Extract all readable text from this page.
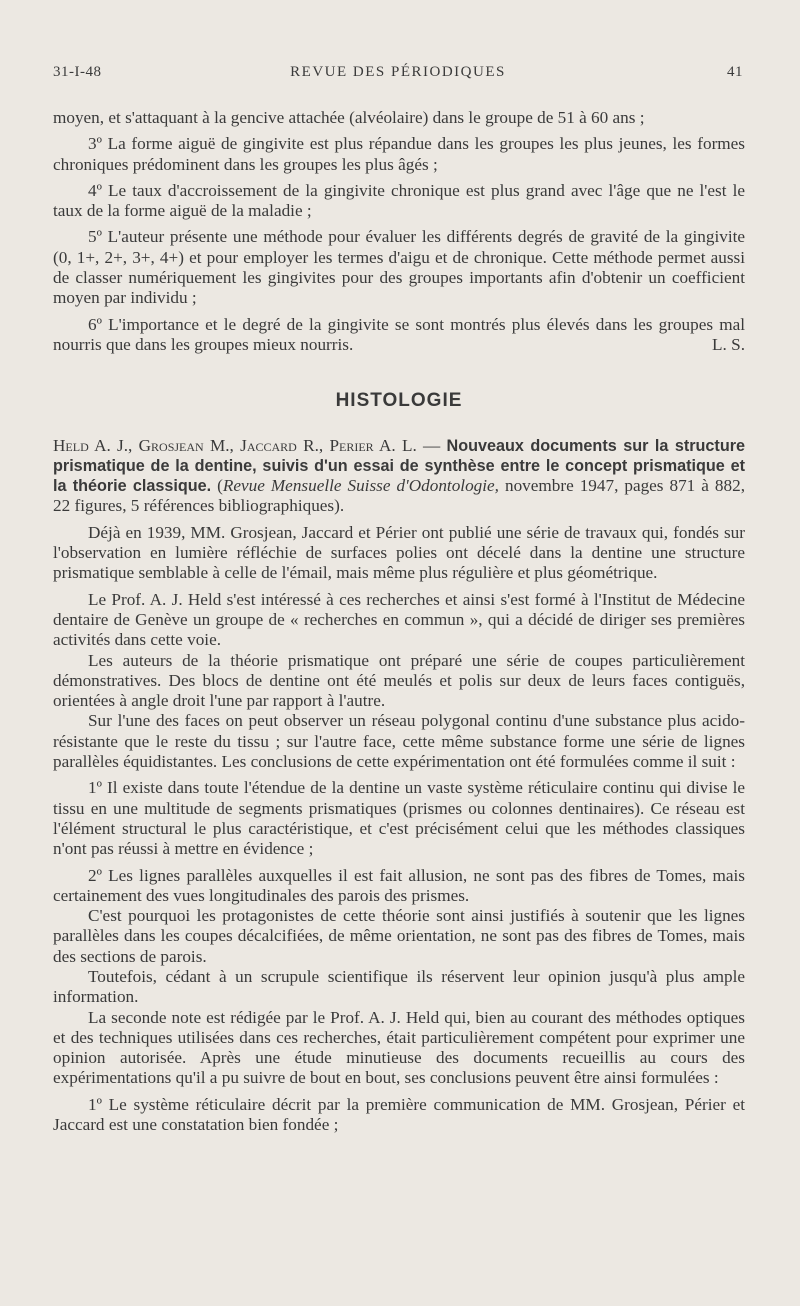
31-I-48	REVUE DES PÉRIODIQUES	41

moyen, et s'attaquant à la gencive attachée (alvéolaire) dans le groupe de 51 à 60 ans ;

3º La forme aiguë de gingivite est plus répandue dans les groupes les plus jeunes, les formes chroniques prédominent dans les groupes les plus âgés ;

4º Le taux d'accroissement de la gingivite chronique est plus grand avec l'âge que ne l'est le taux de la forme aiguë de la maladie ;

5º L'auteur présente une méthode pour évaluer les différents degrés de gravité de la gingivite (0, 1+, 2+, 3+, 4+) et pour employer les termes d'aigu et de chronique. Cette méthode permet aussi de classer numériquement les gingivites pour des groupes importants afin d'obtenir un coefficient moyen par individu ;

6º L'importance et le degré de la gingivite se sont montrés plus élevés dans les groupes mal nourris que dans les groupes mieux nourris.	L. S.

HISTOLOGIE

Held A. J., Grosjean M., Jaccard R., Perier A. L. — Nouveaux documents sur la structure prismatique de la dentine, suivis d'un essai de synthèse entre le concept prismatique et la théorie classique. (Revue Mensuelle Suisse d'Odontologie, novembre 1947, pages 871 à 882, 22 figures, 5 références bibliographiques).

Déjà en 1939, MM. Grosjean, Jaccard et Périer ont publié une série de travaux qui, fondés sur l'observation en lumière réfléchie de surfaces polies ont décelé dans la dentine une structure prismatique semblable à celle de l'émail, mais même plus régulière et plus géométrique.

Le Prof. A. J. Held s'est intéressé à ces recherches et ainsi s'est formé à l'Institut de Médecine dentaire de Genève un groupe de « recherches en commun », qui a décidé de diriger ses premières activités dans cette voie.

Les auteurs de la théorie prismatique ont préparé une série de coupes particulièrement démonstratives. Des blocs de dentine ont été meulés et polis sur deux de leurs faces contiguës, orientées à angle droit l'une par rapport à l'autre.

Sur l'une des faces on peut observer un réseau polygonal continu d'une substance plus acido-résistante que le reste du tissu ; sur l'autre face, cette même substance forme une série de lignes parallèles équidistantes. Les conclusions de cette expérimentation ont été formulées comme il suit :

1º Il existe dans toute l'étendue de la dentine un vaste système réticulaire continu qui divise le tissu en une multitude de segments prismatiques (prismes ou colonnes dentinaires). Ce réseau est l'élément structural le plus caractéristique, et c'est précisément celui que les méthodes classiques n'ont pas réussi à mettre en évidence ;

2º Les lignes parallèles auxquelles il est fait allusion, ne sont pas des fibres de Tomes, mais certainement des vues longitudinales des parois des prismes.

C'est pourquoi les protagonistes de cette théorie sont ainsi justifiés à soutenir que les lignes parallèles dans les coupes décalcifiées, de même orientation, ne sont pas des fibres de Tomes, mais des sections de parois.

Toutefois, cédant à un scrupule scientifique ils réservent leur opinion jusqu'à plus ample information.

La seconde note est rédigée par le Prof. A. J. Held qui, bien au courant des méthodes optiques et des techniques utilisées dans ces recherches, était particulièrement compétent pour exprimer une opinion autorisée. Après une étude minutieuse des documents recueillis au cours des expérimentations qu'il a pu suivre de bout en bout, ses conclusions peuvent être ainsi formulées :

1º Le système réticulaire décrit par la première communication de MM. Grosjean, Périer et Jaccard est une constatation bien fondée ;
